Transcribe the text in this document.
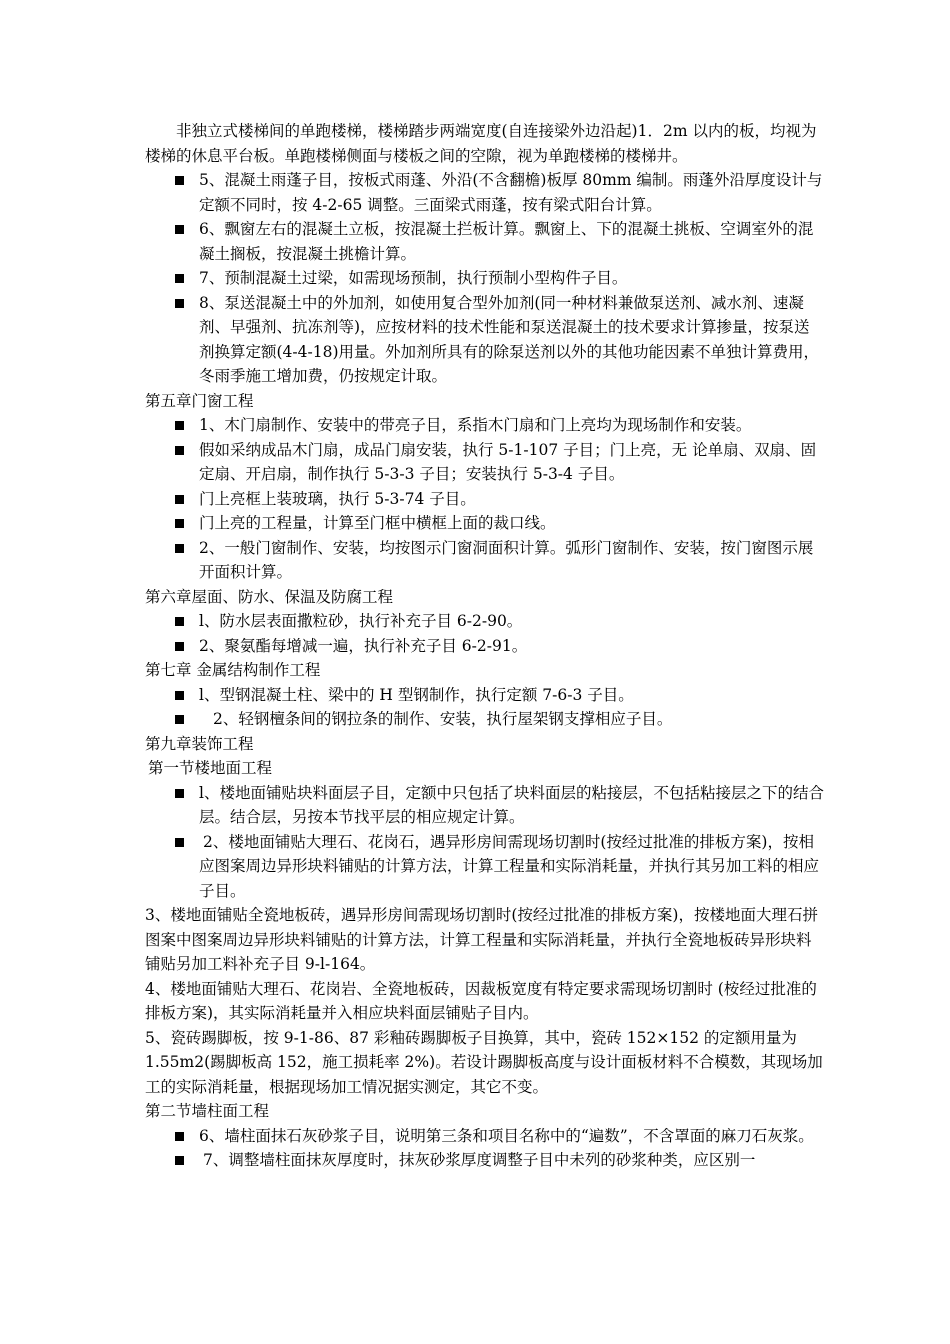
非独立式楼梯间的单跑楼梯，楼梯踏步两端宽度(自连接梁外边沿起)1．2m 以内的板，均视为楼梯的休息平台板。单跑楼梯侧面与楼板之间的空隙，视为单跑楼梯的楼梯井。

5、混凝土雨蓬子目，按板式雨蓬、外沿(不含翻檐)板厚 80mm 编制。雨蓬外沿厚度设计与定额不同时，按 4-2-65 调整。三面梁式雨蓬，按有梁式阳台计算。
6、飘窗左右的混凝土立板，按混凝土拦板计算。飘窗上、下的混凝土挑板、空调室外的混凝土搁板，按混凝土挑檐计算。
7、预制混凝土过梁，如需现场预制，执行预制小型构件子目。
8、泵送混凝土中的外加剂，如使用复合型外加剂(同一种材料兼做泵送剂、减水剂、速凝剂、早强剂、抗冻剂等)，应按材料的技术性能和泵送混凝土的技术要求计算掺量，按泵送剂换算定额(4-4-18)用量。外加剂所具有的除泵送剂以外的其他功能因素不单独计算费用，冬雨季施工增加费，仍按规定计取。

第五章门窗工程

1、木门扇制作、安装中的带亮子目，系指木门扇和门上亮均为现场制作和安装。
假如采纳成品木门扇，成品门扇安装，执行 5-1-107 子目；门上亮，无 论单扇、双扇、固定扇、开启扇，制作执行 5-3-3 子目；安装执行 5-3-4 子目。
门上亮框上装玻璃，执行 5-3-74 子目。
门上亮的工程量，计算至门框中横框上面的裁口线。
2、一般门窗制作、安装，均按图示门窗洞面积计算。弧形门窗制作、安装，按门窗图示展开面积计算。

第六章屋面、防水、保温及防腐工程

l、防水层表面撒粒砂，执行补充子目 6-2-90。
2、聚氨酯每增减一遍，执行补充子目 6-2-91。

第七章 金属结构制作工程

l、型钢混凝土柱、梁中的 H 型钢制作，执行定额 7-6-3 子目。
2、轻钢檀条间的钢拉条的制作、安装，执行屋架钢支撑相应子目。

第九章装饰工程

第一节楼地面工程

l、楼地面铺贴块料面层子目，定额中只包括了块料面层的粘接层，不包括粘接层之下的结合层。结合层，另按本节找平层的相应规定计算。
2、楼地面铺贴大理石、花岗石，遇异形房间需现场切割时(按经过批准的排板方案)，按相应图案周边异形块料铺贴的计算方法，计算工程量和实际消耗量，并执行其另加工料的相应子目。

3、楼地面铺贴全瓷地板砖，遇异形房间需现场切割时(按经过批准的排板方案)，按楼地面大理石拼图案中图案周边异形块料铺贴的计算方法，计算工程量和实际消耗量，并执行全瓷地板砖异形块料铺贴另加工料补充子目 9-l-164。

4、楼地面铺贴大理石、花岗岩、全瓷地板砖，因裁板宽度有特定要求需现场切割时 (桉经过批准的排板方案)，其实际消耗量并入相应块料面层铺贴子目内。

5、瓷砖踢脚板，按 9-1-86、87 彩釉砖踢脚板子目换算，其中，瓷砖 152×152 的定额用量为 1.55m2(踢脚板高 152，施工损耗率 2%)。若设计踢脚板高度与设计面板材料不合模数，其现场加工的实际消耗量，根据现场加工情况据实测定，其它不变。

第二节墙柱面工程

6、墙柱面抹石灰砂浆子目，说明第三条和项目名称中的“遍数”，不含罩面的麻刀石灰浆。
7、调整墙柱面抹灰厚度时，抹灰砂浆厚度调整子目中未列的砂浆种类，应区别一
